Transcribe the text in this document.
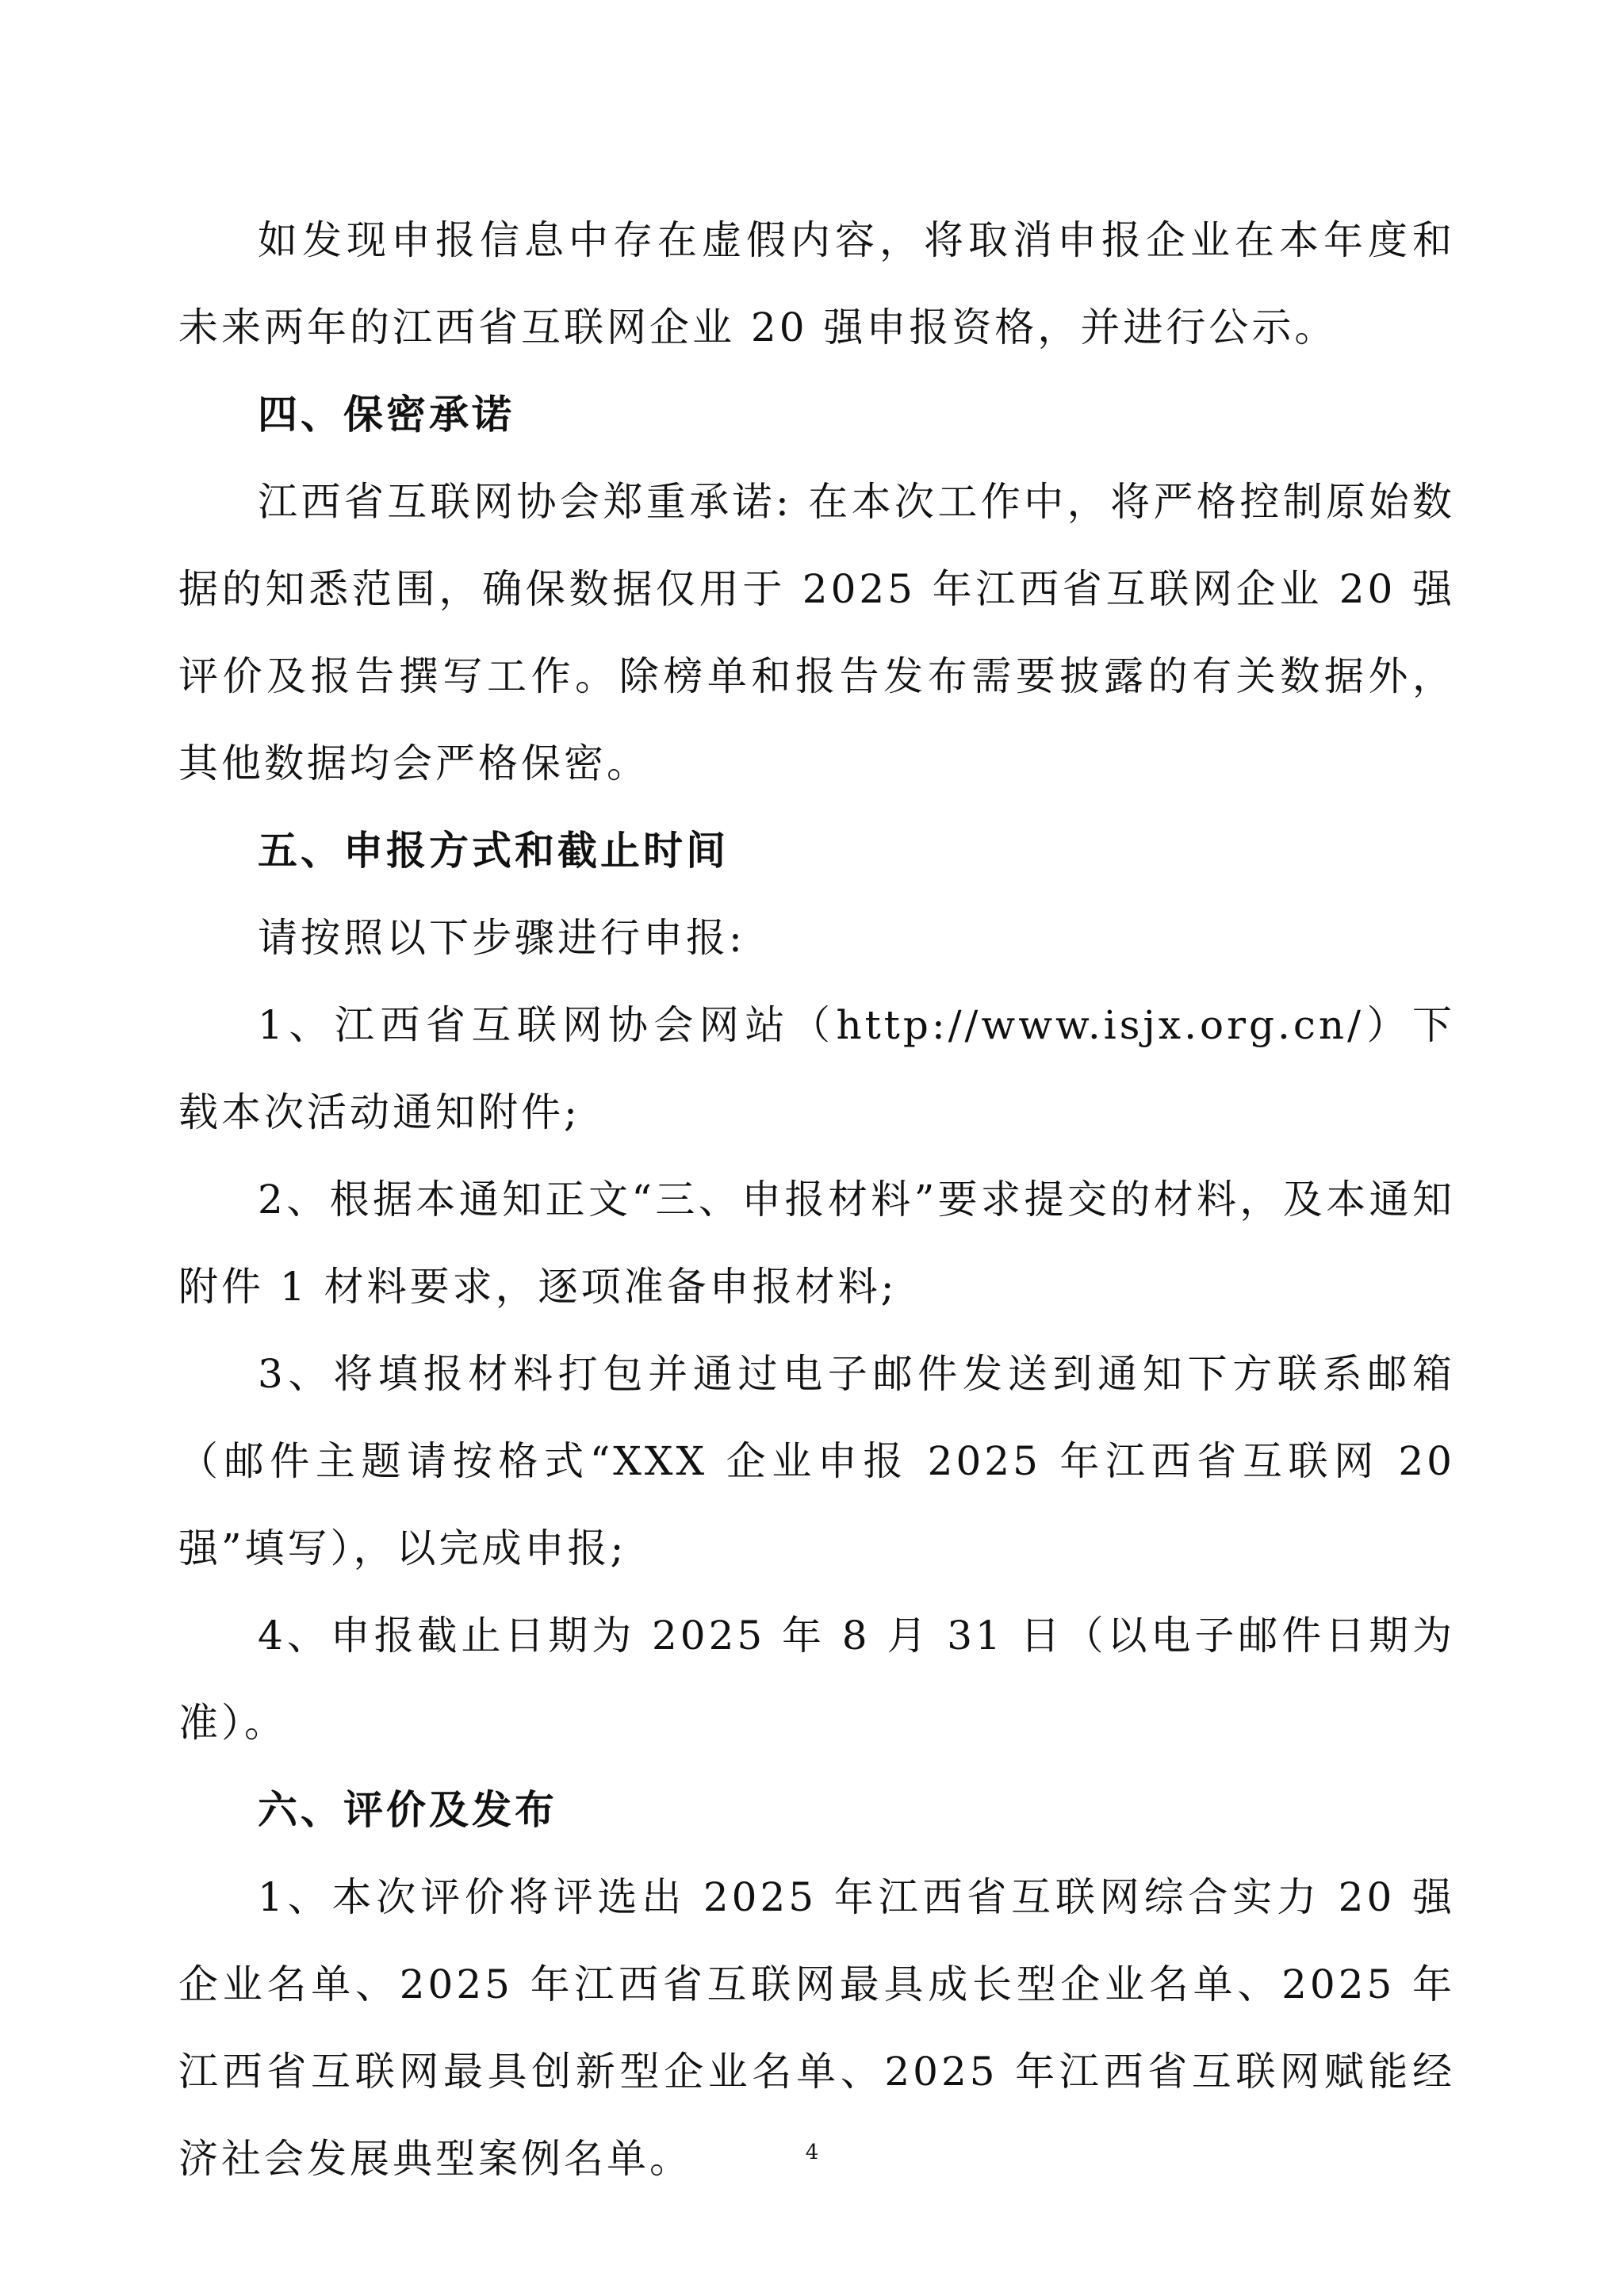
如发现申报信息中存在虚假内容，将取消申报企业在本年度和未来两年的江西省互联网企业 20 强申报资格，并进行公示。

四、保密承诺

江西省互联网协会郑重承诺: 在本次工作中，将严格控制原始数据的知悉范围，确保数据仅用于 2025 年江西省互联网企业 20 强评价及报告撰写工作。除榜单和报告发布需要披露的有关数据外，其他数据均会严格保密。

五、申报方式和截止时间

请按照以下步骤进行申报:

1、江西省互联网协会网站（http://www.isjx.org.cn/）下载本次活动通知附件;

2、根据本通知正文“三、申报材料”要求提交的材料，及本通知附件 1 材料要求，逐项准备申报材料;

3、将填报材料打包并通过电子邮件发送到通知下方联系邮箱（邮件主题请按格式“XXX 企业申报 2025 年江西省互联网 20 强”填写），以完成申报;

4、申报截止日期为 2025 年 8 月 31 日（以电子邮件日期为准）。

六、评价及发布

1、本次评价将评选出 2025 年江西省互联网综合实力 20 强企业名单、2025 年江西省互联网最具成长型企业名单、2025 年江西省互联网最具创新型企业名单、2025 年江西省互联网赋能经济社会发展典型案例名单。	4
